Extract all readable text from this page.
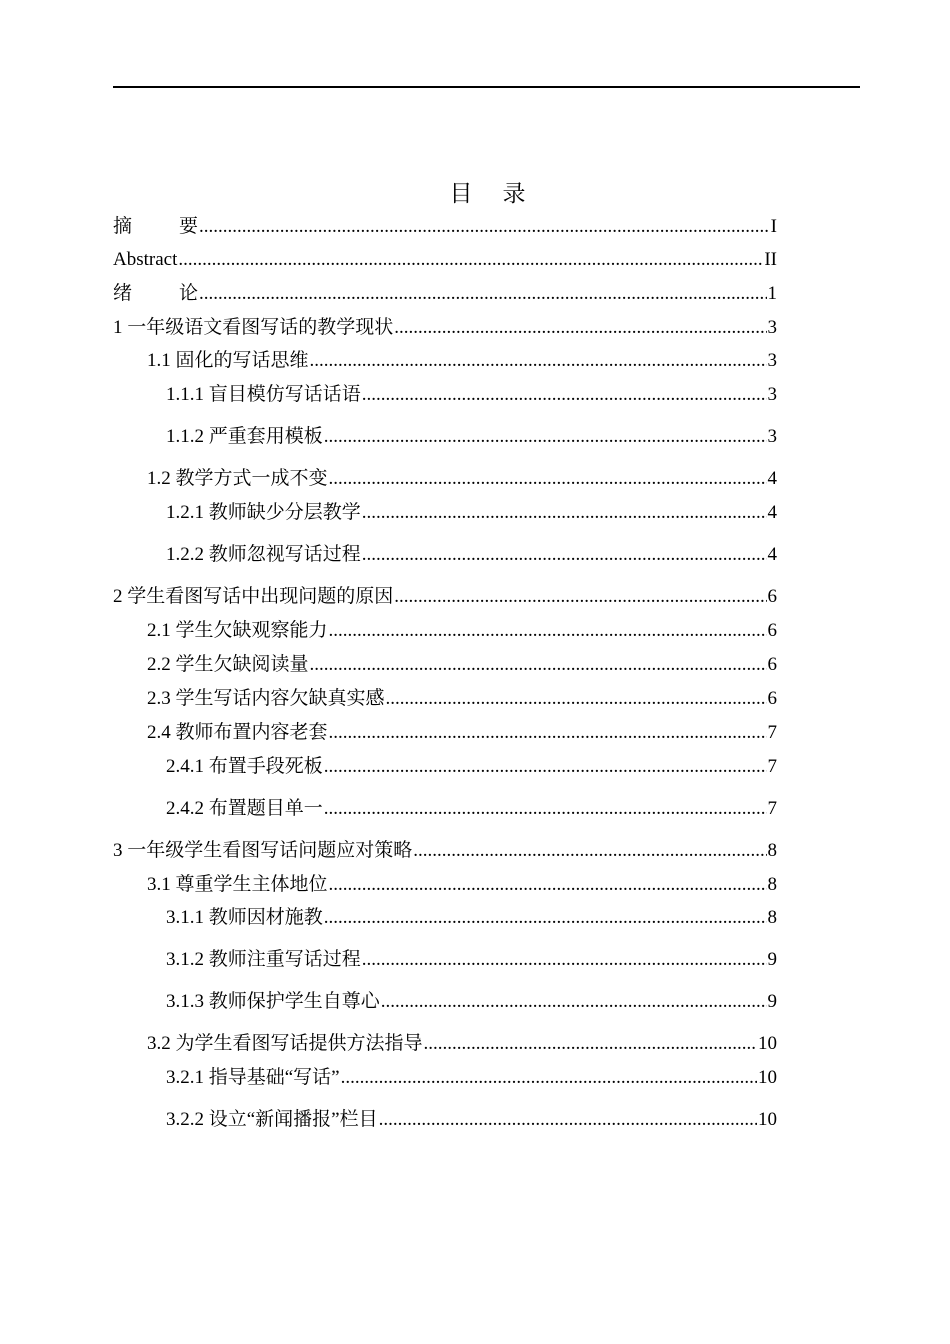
目 录
摘 要 .....	I
Abstract .....	II
绪 论 .....	1
1 一年级语文看图写话的教学现状 .....	3
1.1 固化的写话思维 .....	3
1.1.1 盲目模仿写话话语 .....	3
1.1.2 严重套用模板 .....	3
1.2 教学方式一成不变 .....	4
1.2.1 教师缺少分层教学 .....	4
1.2.2 教师忽视写话过程 .....	4
2 学生看图写话中出现问题的原因 .....	6
2.1 学生欠缺观察能力 .....	6
2.2 学生欠缺阅读量 .....	6
2.3 学生写话内容欠缺真实感 .....	6
2.4 教师布置内容老套 .....	7
2.4.1 布置手段死板 .....	7
2.4.2 布置题目单一 .....	7
3 一年级学生看图写话问题应对策略 .....	8
3.1 尊重学生主体地位 .....	8
3.1.1 教师因材施教 .....	8
3.1.2 教师注重写话过程 .....	9
3.1.3 教师保护学生自尊心 .....	9
3.2 为学生看图写话提供方法指导 .....	10
3.2.1 指导基础“写话” .....	10
3.2.2 设立“新闻播报”栏目 .....	10
